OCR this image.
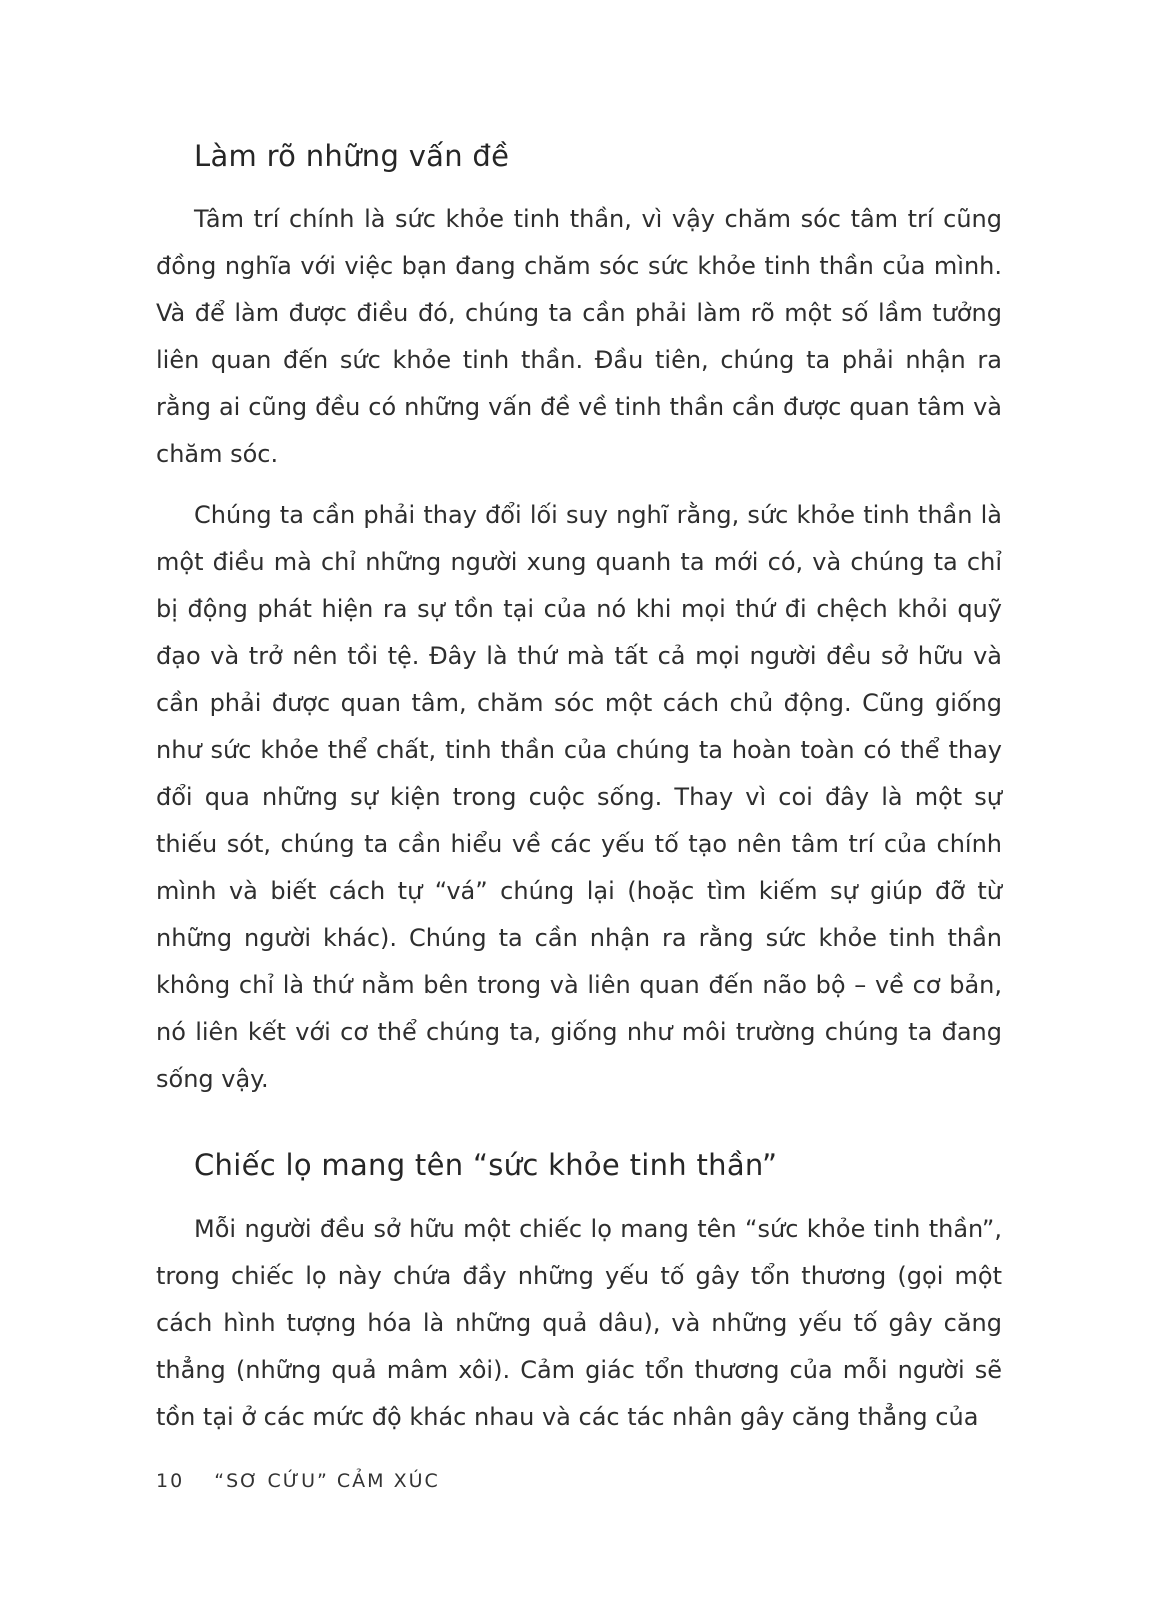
Làm rõ những vấn đề

Tâm trí chính là sức khỏe tinh thần, vì vậy chăm sóc tâm trí cũng đồng nghĩa với việc bạn đang chăm sóc sức khỏe tinh thần của mình. Và để làm được điều đó, chúng ta cần phải làm rõ một số lầm tưởng liên quan đến sức khỏe tinh thần. Đầu tiên, chúng ta phải nhận ra rằng ai cũng đều có những vấn đề về tinh thần cần được quan tâm và chăm sóc.

Chúng ta cần phải thay đổi lối suy nghĩ rằng, sức khỏe tinh thần là một điều mà chỉ những người xung quanh ta mới có, và chúng ta chỉ bị động phát hiện ra sự tồn tại của nó khi mọi thứ đi chệch khỏi quỹ đạo và trở nên tồi tệ. Đây là thứ mà tất cả mọi người đều sở hữu và cần phải được quan tâm, chăm sóc một cách chủ động. Cũng giống như sức khỏe thể chất, tinh thần của chúng ta hoàn toàn có thể thay đổi qua những sự kiện trong cuộc sống. Thay vì coi đây là một sự thiếu sót, chúng ta cần hiểu về các yếu tố tạo nên tâm trí của chính mình và biết cách tự “vá” chúng lại (hoặc tìm kiếm sự giúp đỡ từ những người khác). Chúng ta cần nhận ra rằng sức khỏe tinh thần không chỉ là thứ nằm bên trong và liên quan đến não bộ – về cơ bản, nó liên kết với cơ thể chúng ta, giống như môi trường chúng ta đang sống vậy.

Chiếc lọ mang tên “sức khỏe tinh thần”

Mỗi người đều sở hữu một chiếc lọ mang tên “sức khỏe tinh thần”, trong chiếc lọ này chứa đầy những yếu tố gây tổn thương (gọi một cách hình tượng hóa là những quả dâu), và những yếu tố gây căng thẳng (những quả mâm xôi). Cảm giác tổn thương của mỗi người sẽ tồn tại ở các mức độ khác nhau và các tác nhân gây căng thẳng của

10 “SƠ CỨU” CẢM XÚC
